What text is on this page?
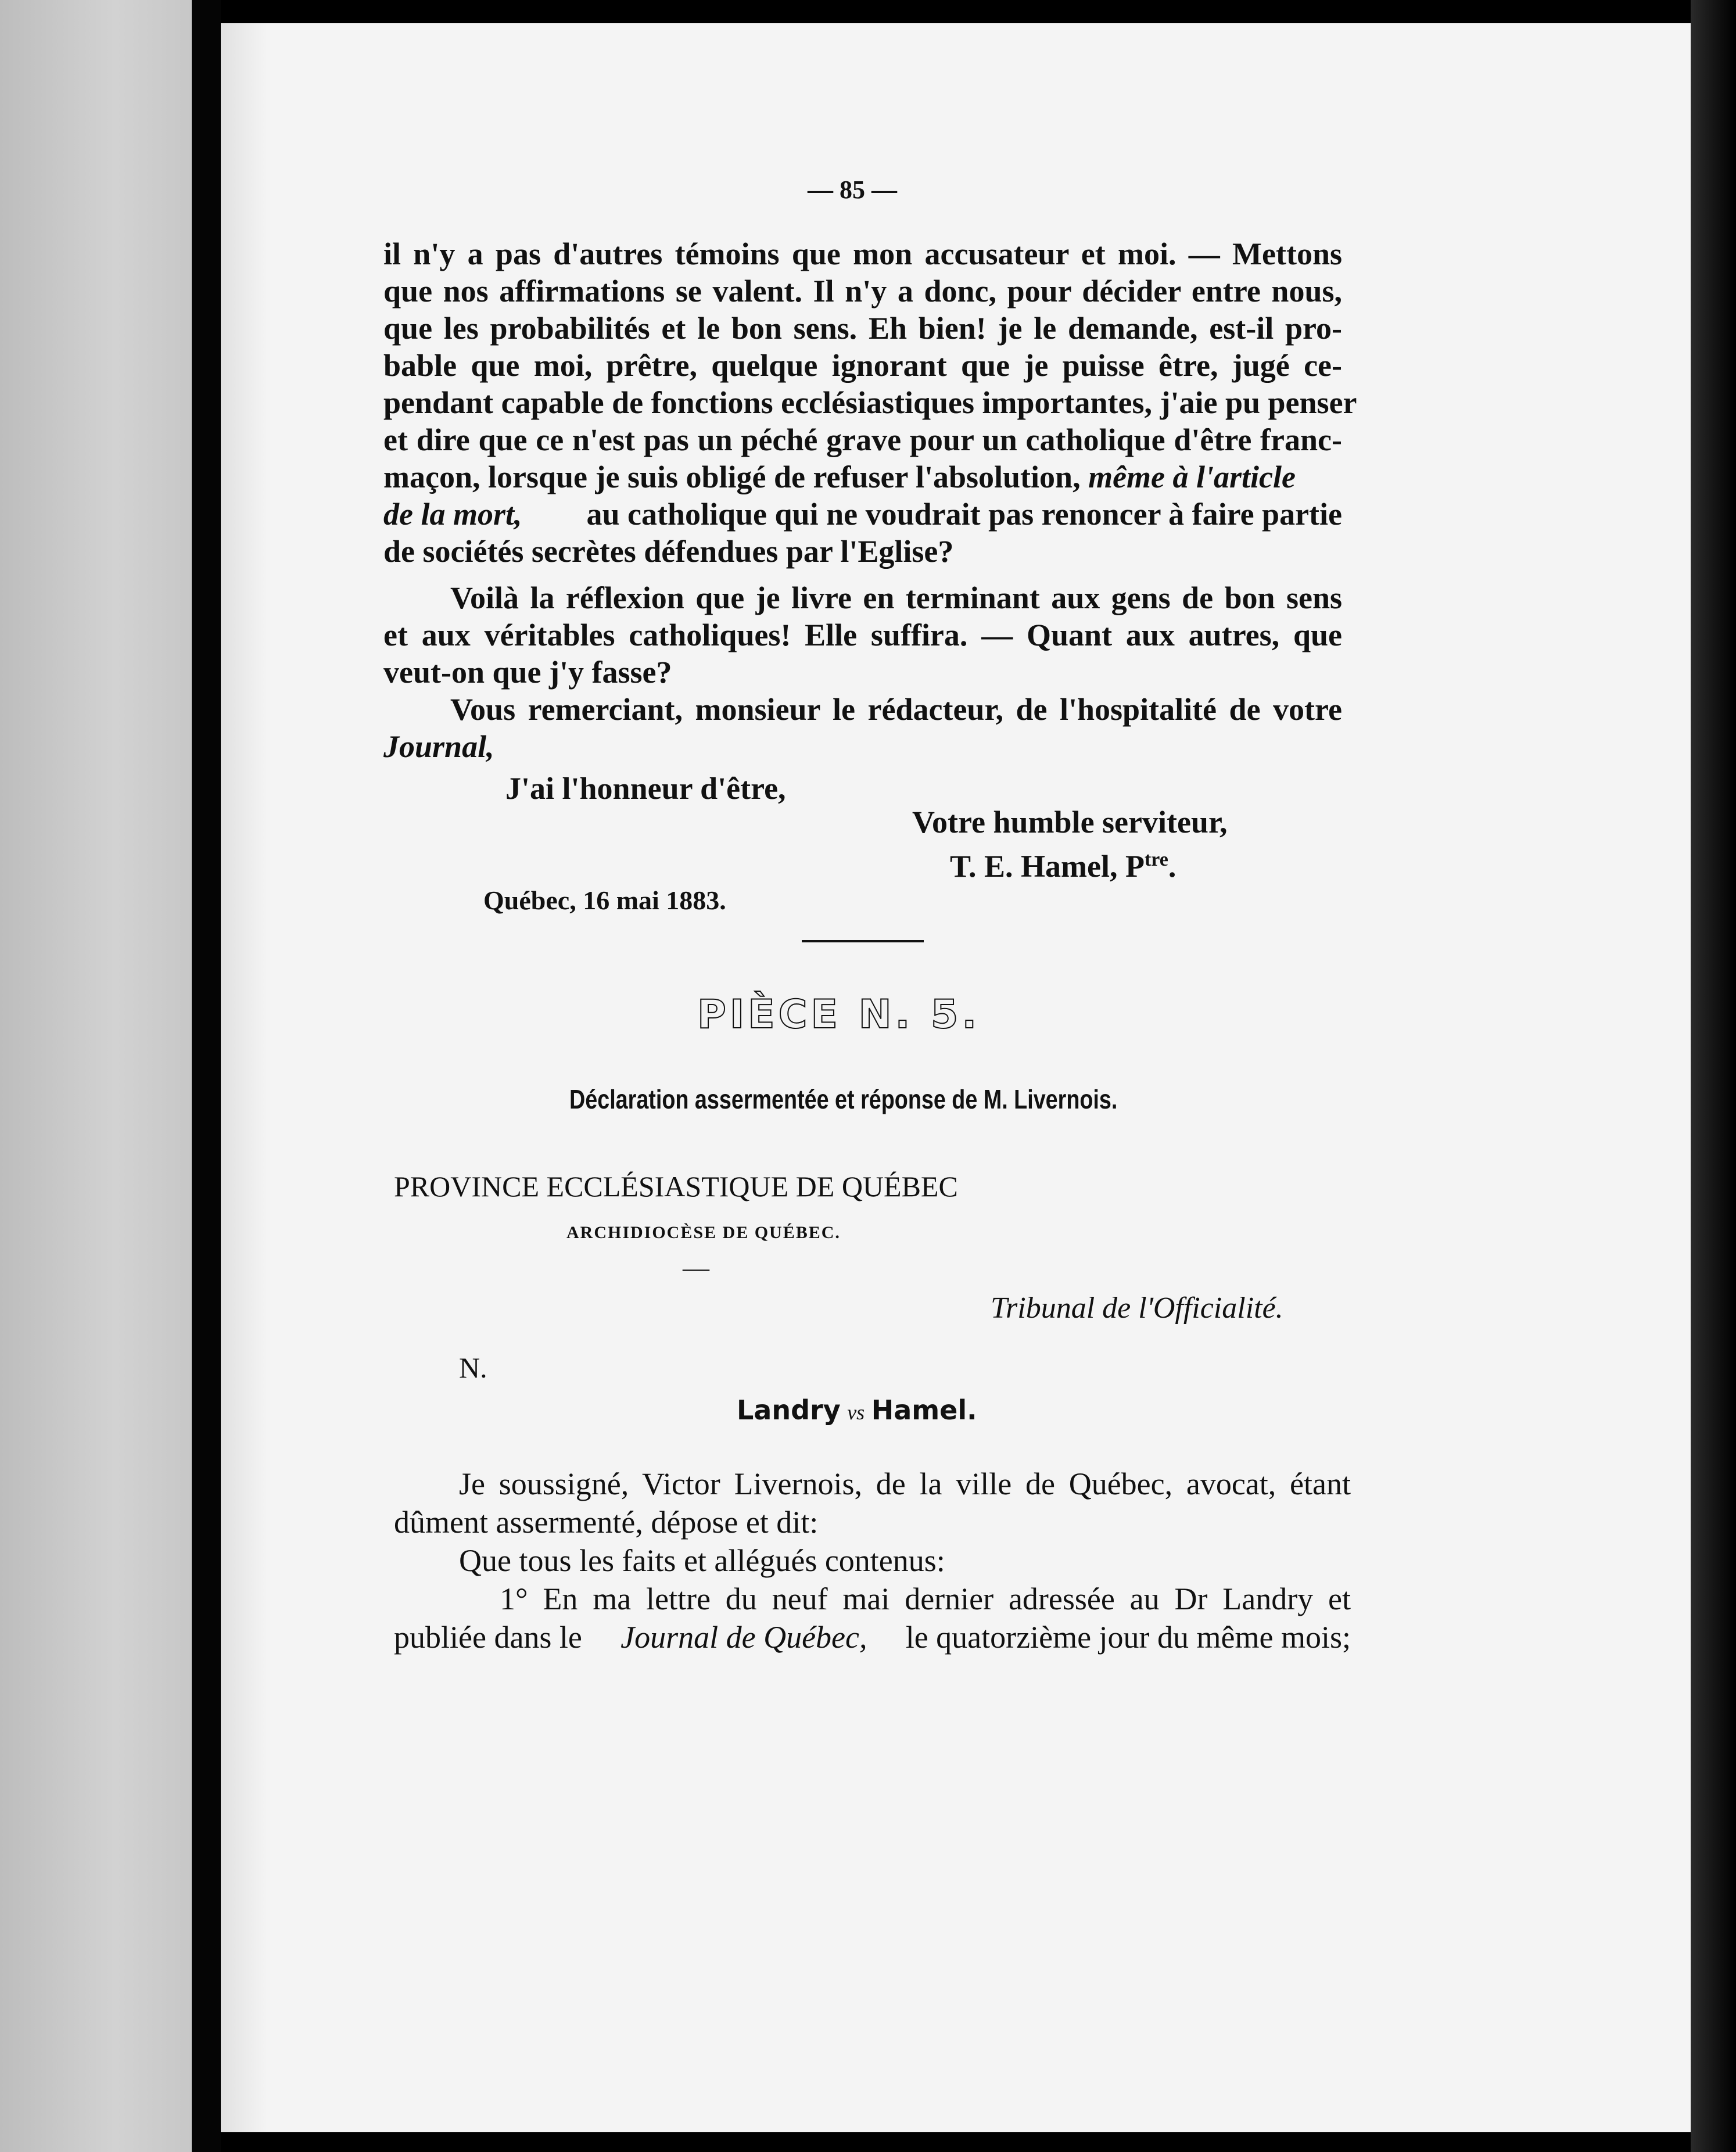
— 85 —
il n'y a pas d'autres témoins que mon accusateur et moi. — Mettons
que nos affirmations se valent. Il n'y a donc, pour décider entre nous,
que les probabilités et le bon sens. Eh bien! je le demande, est-il pro-
bable que moi, prêtre, quelque ignorant que je puisse être, jugé ce-
pendant capable de fonctions ecclésiastiques importantes, j'aie pu penser
et dire que ce n'est pas un péché grave pour un catholique d'être franc-
maçon, lorsque je suis obligé de refuser l'absolution, même à l'article
de la mort, au catholique qui ne voudrait pas renoncer à faire partie
de sociétés secrètes défendues par l'Eglise?
Voilà la réflexion que je livre en terminant aux gens de bon sens
et aux véritables catholiques! Elle suffira. — Quant aux autres, que
veut-on que j'y fasse?
Vous remerciant, monsieur le rédacteur, de l'hospitalité de votre
Journal,
J'ai l'honneur d'être,
Votre humble serviteur,
T. E. Hamel, $P^{tre}$.
Québec, 16 mai 1883.
PIÈCE N. 5.
Déclaration assermentée et réponse de M. Livernois.
PROVINCE ECCLÉSIASTIQUE DE QUÉBEC
ARCHIDIOCÈSE DE QUÉBEC.
—
Tribunal de l'Officialité.
N.
Landry vs Hamel.
Je soussigné, Victor Livernois, de la ville de Québec, avocat, étant
dûment assermenté, dépose et dit:
Que tous les faits et allégués contenus:
1° En ma lettre du neuf mai dernier adressée au Dr Landry et
publiée dans le Journal de Québec, le quatorzième jour du même mois;
